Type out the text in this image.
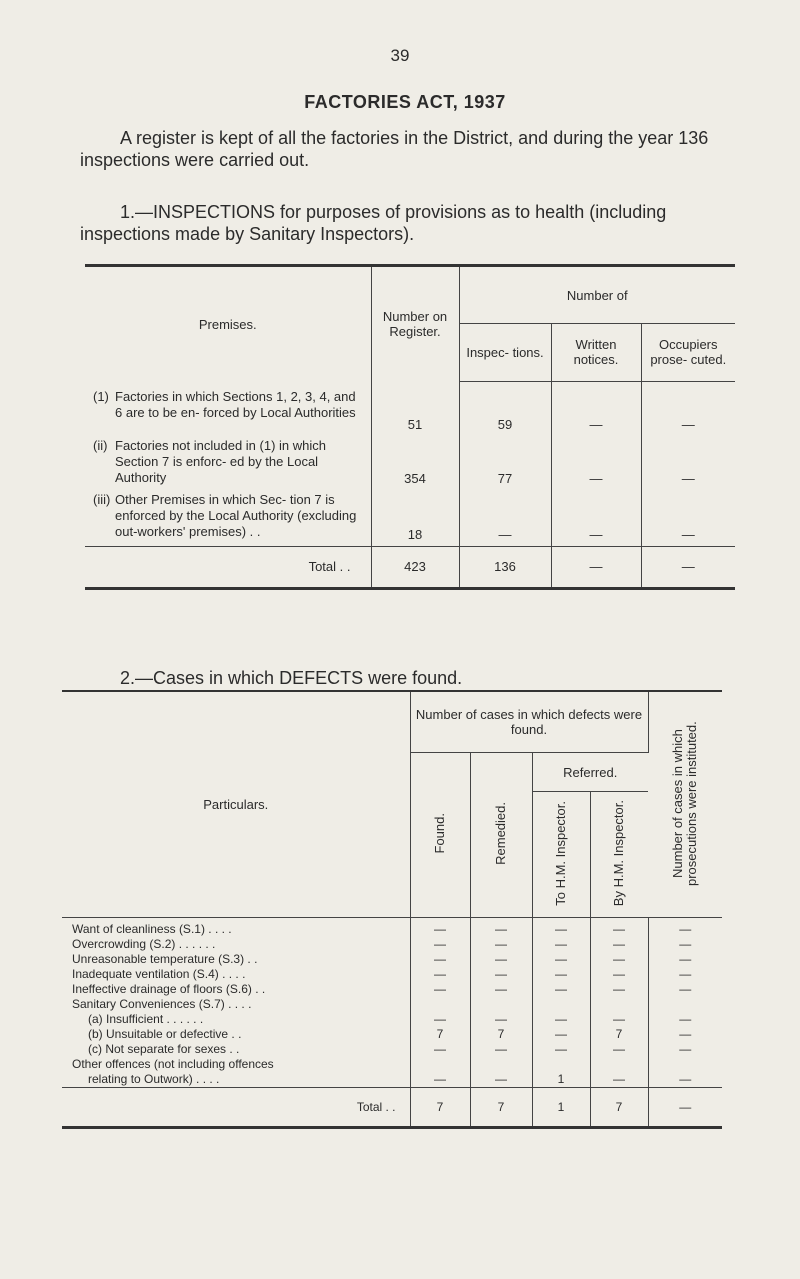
39
FACTORIES ACT, 1937
A register is kept of all the factories in the District, and during the year 136 inspections were carried out.
1.—INSPECTIONS for purposes of provisions as to health (including inspections made by Sanitary Inspectors).
Premises.	Number on Register.	Number of		
		Inspec- tions.	Written notices.	Occupiers prose- cuted.

(1) Factories in which Sections 1, 2, 3, 4, and 6 are to be en- forced by Local Authorities	51	59	—	—

(ii) Factories not included in (1) in which Section 7 is enforc- ed by the Local Authority	354	77	—	—

(iii) Other Premises in which Sec- tion 7 is enforced by the Local Authority (excluding out-workers' premises) . .	18	—	—	—
Total . .	423	136	—	—
2.—Cases in which DEFECTS were found.
Particulars.	Number of cases in which defects were found.				Number of cases in which prosecutions were instituted.
	Found.	Remedied.	Referred.		
			To H.M. Inspector.	By H.M. Inspector.	
Want of cleanliness (S.1) . . . .	—	—	—	—	—
Overcrowding (S.2) . . . . . .	—	—	—	—	—
Unreasonable temperature (S.3) . .	—	—	—	—	—
Inadequate ventilation (S.4) . . . .	—	—	—	—	—
Ineffective drainage of floors (S.6) . .	—	—	—	—	—
Sanitary Conveniences (S.7) . . . .					
(a) Insufficient . . . . . .	—	—	—	—	—
(b) Unsuitable or defective . .	7	7	—	7	—
(c) Not separate for sexes . .	—	—	—	—	—
Other offences (not including offences					
relating to Outwork) . . . .	—	—	1	—	—
Total . .	7	7	1	7	—
